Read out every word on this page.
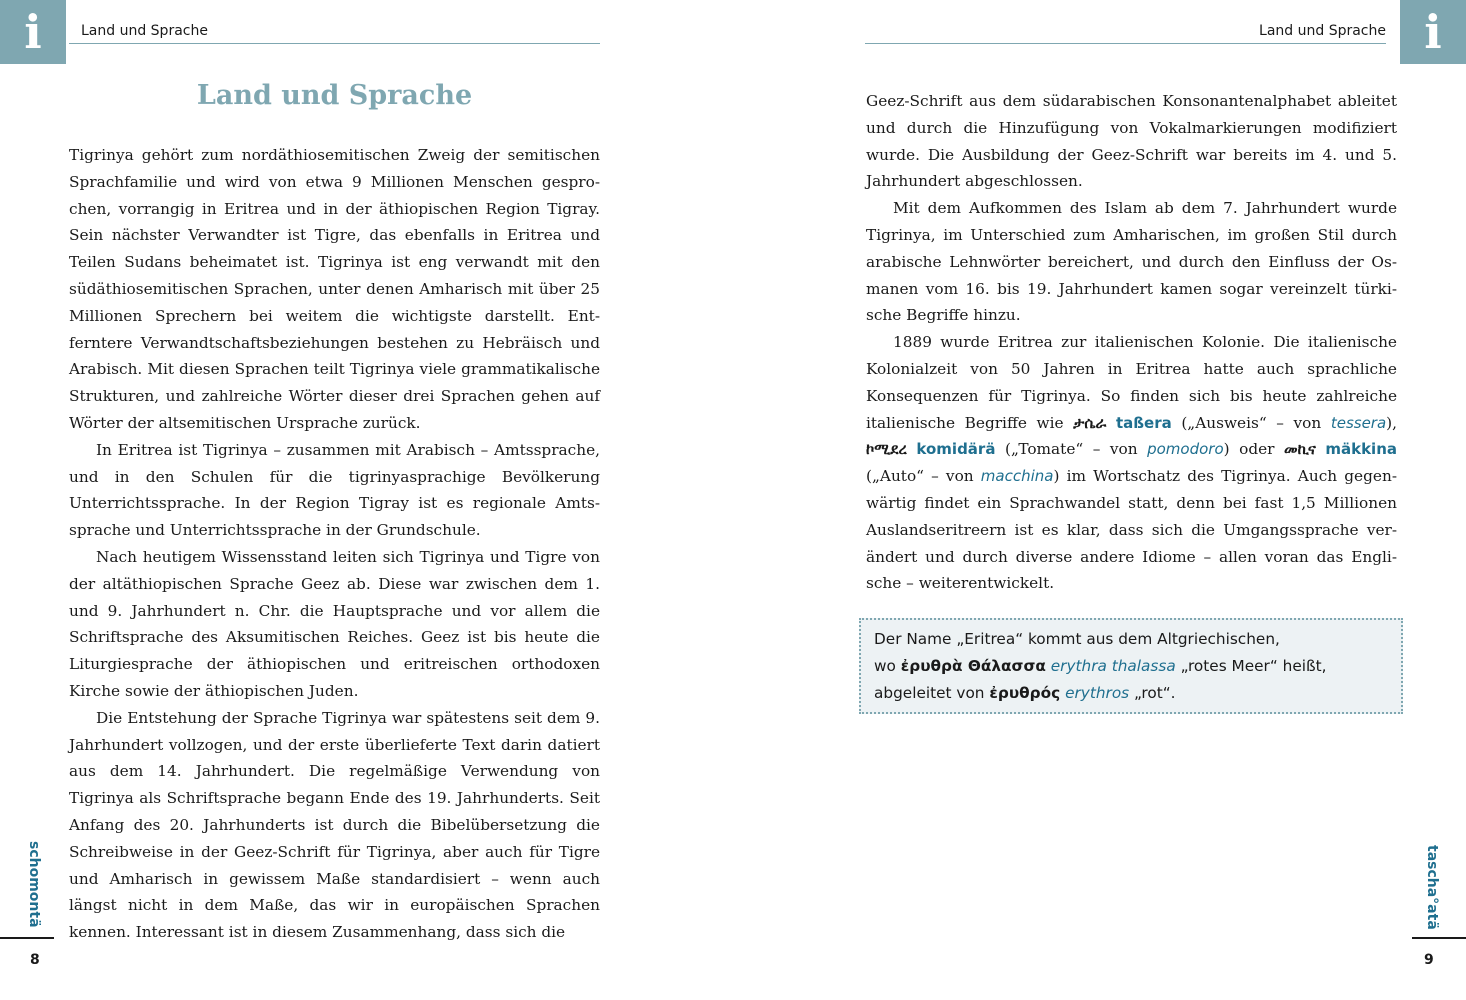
i	Land und Sprache
Land und Sprache

Tigrinya gehört zum nordäthiosemitischen Zweig der semitischen Sprachfamilie und wird von etwa 9 Millionen Menschen gesprochen, vorrangig in Eritrea und in der äthiopischen Region Tigray. Sein nächster Verwandter ist Tigre, das ebenfalls in Eritrea und Teilen Sudans beheimatet ist. Tigrinya ist eng verwandt mit den südäthiosemitischen Sprachen, unter denen Amharisch mit über 25 Millionen Sprechern bei weitem die wichtigste darstellt. Entferntere Verwandtschaftsbeziehungen bestehen zu Hebräisch und Arabisch. Mit diesen Sprachen teilt Tigrinya viele grammatikalische Strukturen, und zahlreiche Wörter dieser drei Sprachen gehen auf Wörter der altsemitischen Ursprache zurück.

In Eritrea ist Tigrinya – zusammen mit Arabisch – Amtssprache, und in den Schulen für die tigrinyasprachige Bevölkerung Unterrichtssprache. In der Region Tigray ist es regionale Amtssprache und Unterrichtssprache in der Grundschule.

Nach heutigem Wissensstand leiten sich Tigrinya und Tigre von der altäthiopischen Sprache Geez ab. Diese war zwischen dem 1. und 9. Jahrhundert n. Chr. die Hauptsprache und vor allem die Schriftsprache des Aksumitischen Reiches. Geez ist bis heute die Liturgiesprache der äthiopischen und eritreischen orthodoxen Kirche sowie der äthiopischen Juden.

Die Entstehung der Sprache Tigrinya war spätestens seit dem 9. Jahrhundert vollzogen, und der erste überlieferte Text darin datiert aus dem 14. Jahrhundert. Die regelmäßige Verwendung von Tigrinya als Schriftsprache begann Ende des 19. Jahrhunderts. Seit Anfang des 20. Jahrhunderts ist durch die Bibelübersetzung die Schreibweise in der Geez-Schrift für Tigrinya, aber auch für Tigre und Amharisch in gewissem Maße standardisiert – wenn auch längst nicht in dem Maße, das wir in europäischen Sprachen kennen. Interessant ist in diesem Zusammenhang, dass sich die

schomontä
8
i
Land und Sprache

Geez-Schrift aus dem südarabischen Konsonantenalphabet ableitet und durch die Hinzufügung von Vokalmarkierungen modifiziert wurde. Die Ausbildung der Geez-Schrift war bereits im 4. und 5. Jahrhundert abgeschlossen.

Mit dem Aufkommen des Islam ab dem 7. Jahrhundert wurde Tigrinya, im Unterschied zum Amharischen, im großen Stil durch arabische Lehnwörter bereichert, und durch den Einfluss der Osmanen vom 16. bis 19. Jahrhundert kamen sogar vereinzelt türkische Begriffe hinzu.

1889 wurde Eritrea zur italienischen Kolonie. Die italienische Kolonialzeit von 50 Jahren in Eritrea hatte auch sprachliche Konsequenzen für Tigrinya. So finden sich bis heute zahlreiche italienische Begriffe wie ታሴራ taßera („Ausweis“ – von tessera), ኮሚደረ komidärä („Tomate“ – von pomodoro) oder መኪና mäkkina („Auto“ – von macchina) im Wortschatz des Tigrinya. Auch gegenwärtig findet ein Sprachwandel statt, denn bei fast 1,5 Millionen Auslandseritreern ist es klar, dass sich die Umgangssprache verändert und durch diverse andere Idiome – allen voran das Englische – weiterentwickelt.

Der Name „Eritrea“ kommt aus dem Altgriechischen,
wo ἐρυθρὰ Θάλασσα erythra thalassa „rotes Meer“ heißt,
abgeleitet von ἐρυθρός erythros „rot“.
tascha°atä
9
